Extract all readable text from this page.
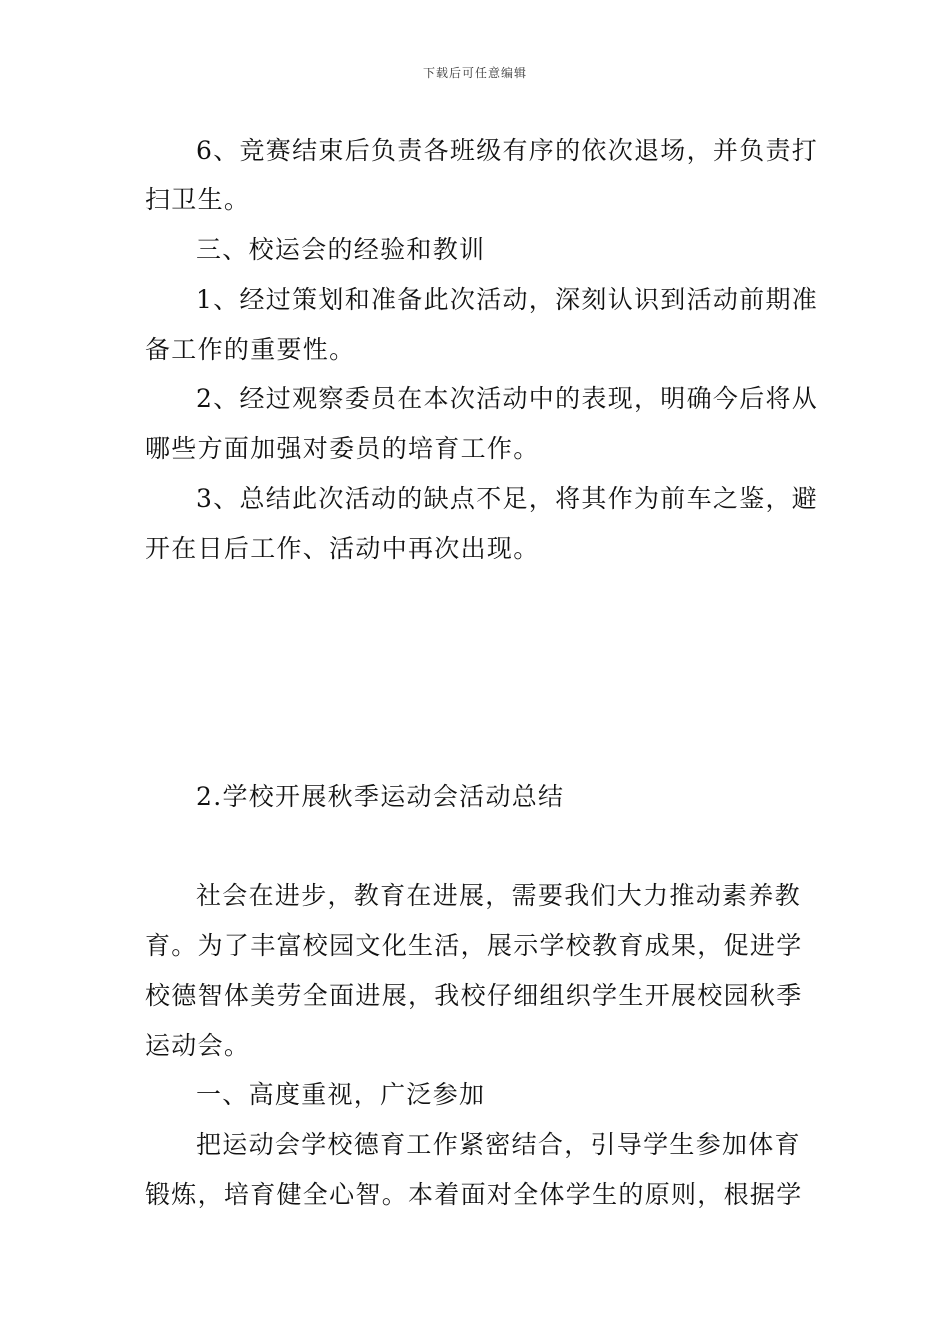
下载后可任意编辑
6、竞赛结束后负责各班级有序的依次退场，并负责打
扫卫生。
三、校运会的经验和教训
1、经过策划和准备此次活动，深刻认识到活动前期准
备工作的重要性。
2、经过观察委员在本次活动中的表现，明确今后将从
哪些方面加强对委员的培育工作。
3、总结此次活动的缺点不足，将其作为前车之鉴，避
开在日后工作、活动中再次出现。
2.学校开展秋季运动会活动总结
社会在进步，教育在进展，需要我们大力推动素养教
育。为了丰富校园文化生活，展示学校教育成果，促进学
校德智体美劳全面进展，我校仔细组织学生开展校园秋季
运动会。
一、高度重视，广泛参加
把运动会学校德育工作紧密结合，引导学生参加体育
锻炼，培育健全心智。本着面对全体学生的原则，根据学
